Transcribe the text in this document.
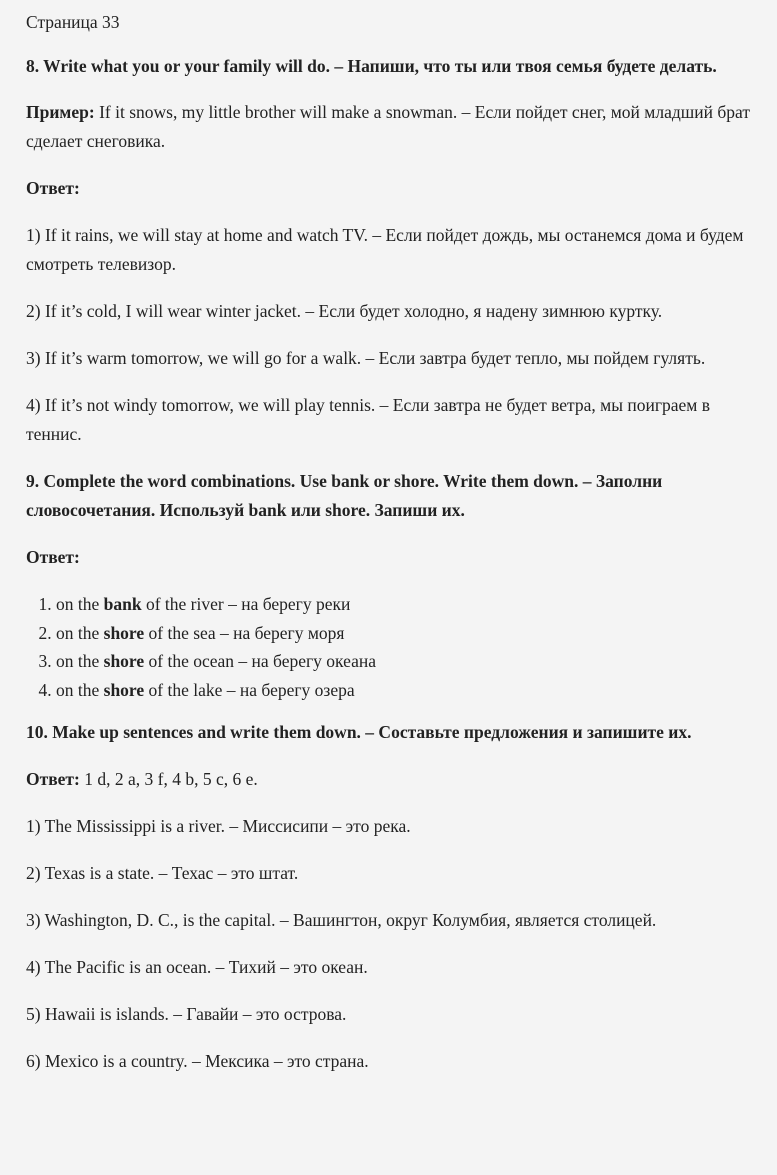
Страница 33

8. Write what you or your family will do. – Напиши, что ты или твоя семья будете делать.

Пример: If it snows, my little brother will make a snowman. – Если пойдет снег, мой младший брат сделает снеговика.

Ответ:

1) If it rains, we will stay at home and watch TV. – Если пойдет дождь, мы останемся дома и будем смотреть телевизор.

2) If it’s cold, I will wear winter jacket. – Если будет холодно, я надену зимнюю куртку.

3) If it’s warm tomorrow, we will go for a walk. – Если завтра будет тепло, мы пойдем гулять.

4) If it’s not windy tomorrow, we will play tennis. – Если завтра не будет ветра, мы поиграем в теннис.

9. Complete the word combinations. Use bank or shore. Write them down. – Заполни словосочетания. Используй bank или shore. Запиши их.

Ответ:

1. on the bank of the river – на берегу реки
2. on the shore of the sea – на берегу моря
3. on the shore of the ocean – на берегу океана
4. on the shore of the lake – на берегу озера

10. Make up sentences and write them down. – Составьте предложения и запишите их.

Ответ: 1 d, 2 a, 3 f, 4 b, 5 c, 6 e.

1) The Mississippi is a river. – Миссисипи – это река.

2) Texas is a state. – Техас – это штат.

3) Washington, D. C., is the capital. – Вашингтон, округ Колумбия, является столицей.

4) The Pacific is an ocean. – Тихий – это океан.

5) Hawaii is islands. – Гавайи – это острова.

6) Mexico is a country. – Мексика – это страна.
